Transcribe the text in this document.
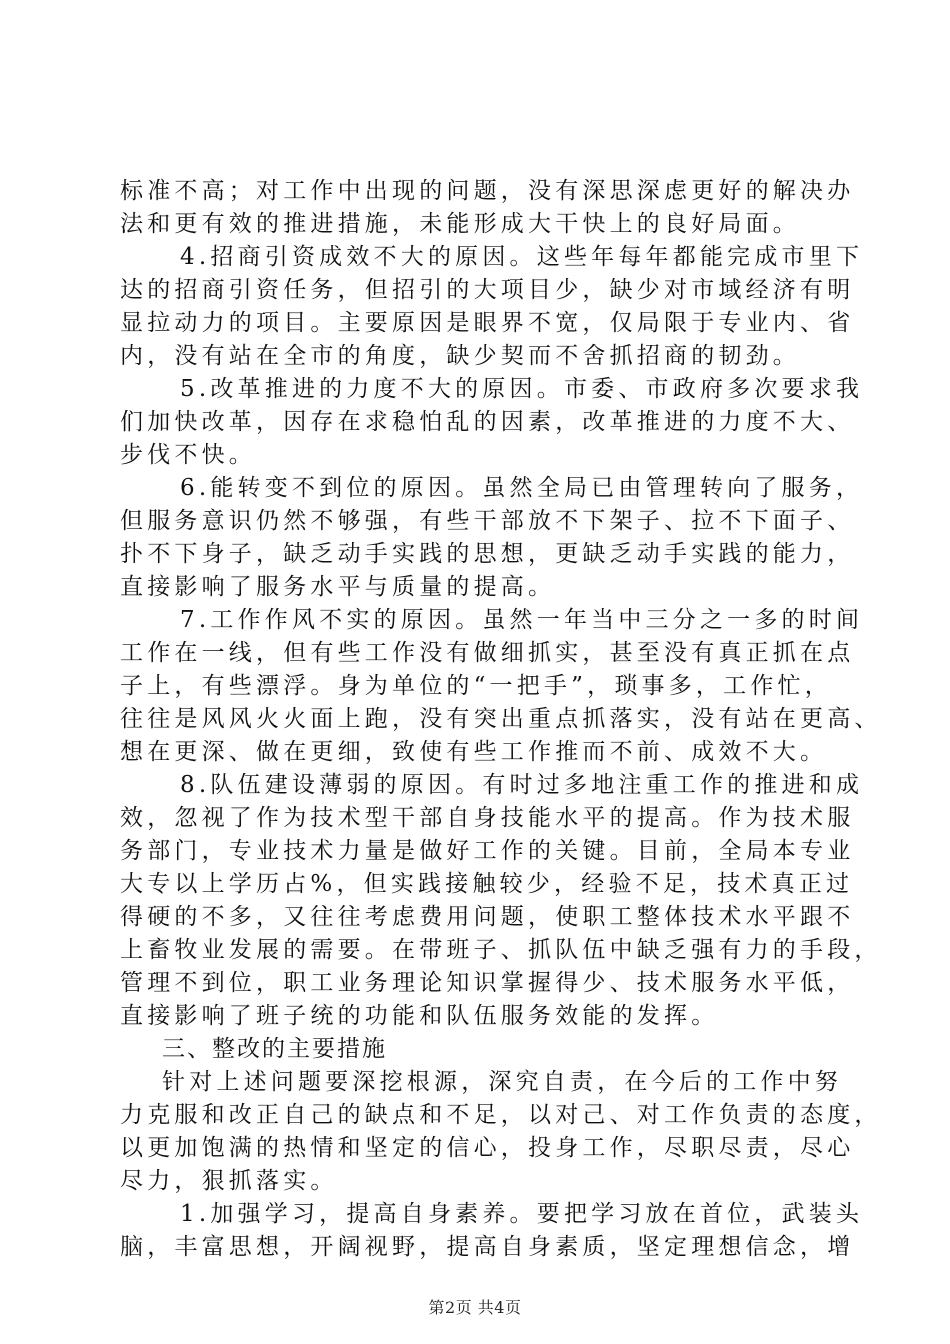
标准不高；对工作中出现的问题，没有深思深虑更好的解决办
法和更有效的推进措施，未能形成大干快上的良好局面。
4.招商引资成效不大的原因。这些年每年都能完成市里下
达的招商引资任务，但招引的大项目少，缺少对市域经济有明
显拉动力的项目。主要原因是眼界不宽，仅局限于专业内、省
内，没有站在全市的角度，缺少契而不舍抓招商的韧劲。
5.改革推进的力度不大的原因。市委、市政府多次要求我
们加快改革，因存在求稳怕乱的因素，改革推进的力度不大、
步伐不快。
6.能转变不到位的原因。虽然全局已由管理转向了服务，
但服务意识仍然不够强，有些干部放不下架子、拉不下面子、
扑不下身子，缺乏动手实践的思想，更缺乏动手实践的能力，
直接影响了服务水平与质量的提高。
7.工作作风不实的原因。虽然一年当中三分之一多的时间
工作在一线，但有些工作没有做细抓实，甚至没有真正抓在点
子上，有些漂浮。身为单位的“一把手”，琐事多，工作忙，
往往是风风火火面上跑，没有突出重点抓落实，没有站在更高、
想在更深、做在更细，致使有些工作推而不前、成效不大。
8.队伍建设薄弱的原因。有时过多地注重工作的推进和成
效，忽视了作为技术型干部自身技能水平的提高。作为技术服
务部门，专业技术力量是做好工作的关键。目前，全局本专业
大专以上学历占%，但实践接触较少，经验不足，技术真正过
得硬的不多，又往往考虑费用问题，使职工整体技术水平跟不
上畜牧业发展的需要。在带班子、抓队伍中缺乏强有力的手段，
管理不到位，职工业务理论知识掌握得少、技术服务水平低，
直接影响了班子统的功能和队伍服务效能的发挥。
三、整改的主要措施
针对上述问题要深挖根源，深究自责，在今后的工作中努
力克服和改正自己的缺点和不足，以对己、对工作负责的态度，
以更加饱满的热情和坚定的信心，投身工作，尽职尽责，尽心
尽力，狠抓落实。
1.加强学习，提高自身素养。要把学习放在首位，武装头
脑，丰富思想，开阔视野，提高自身素质，坚定理想信念，增
第2页 共4页
